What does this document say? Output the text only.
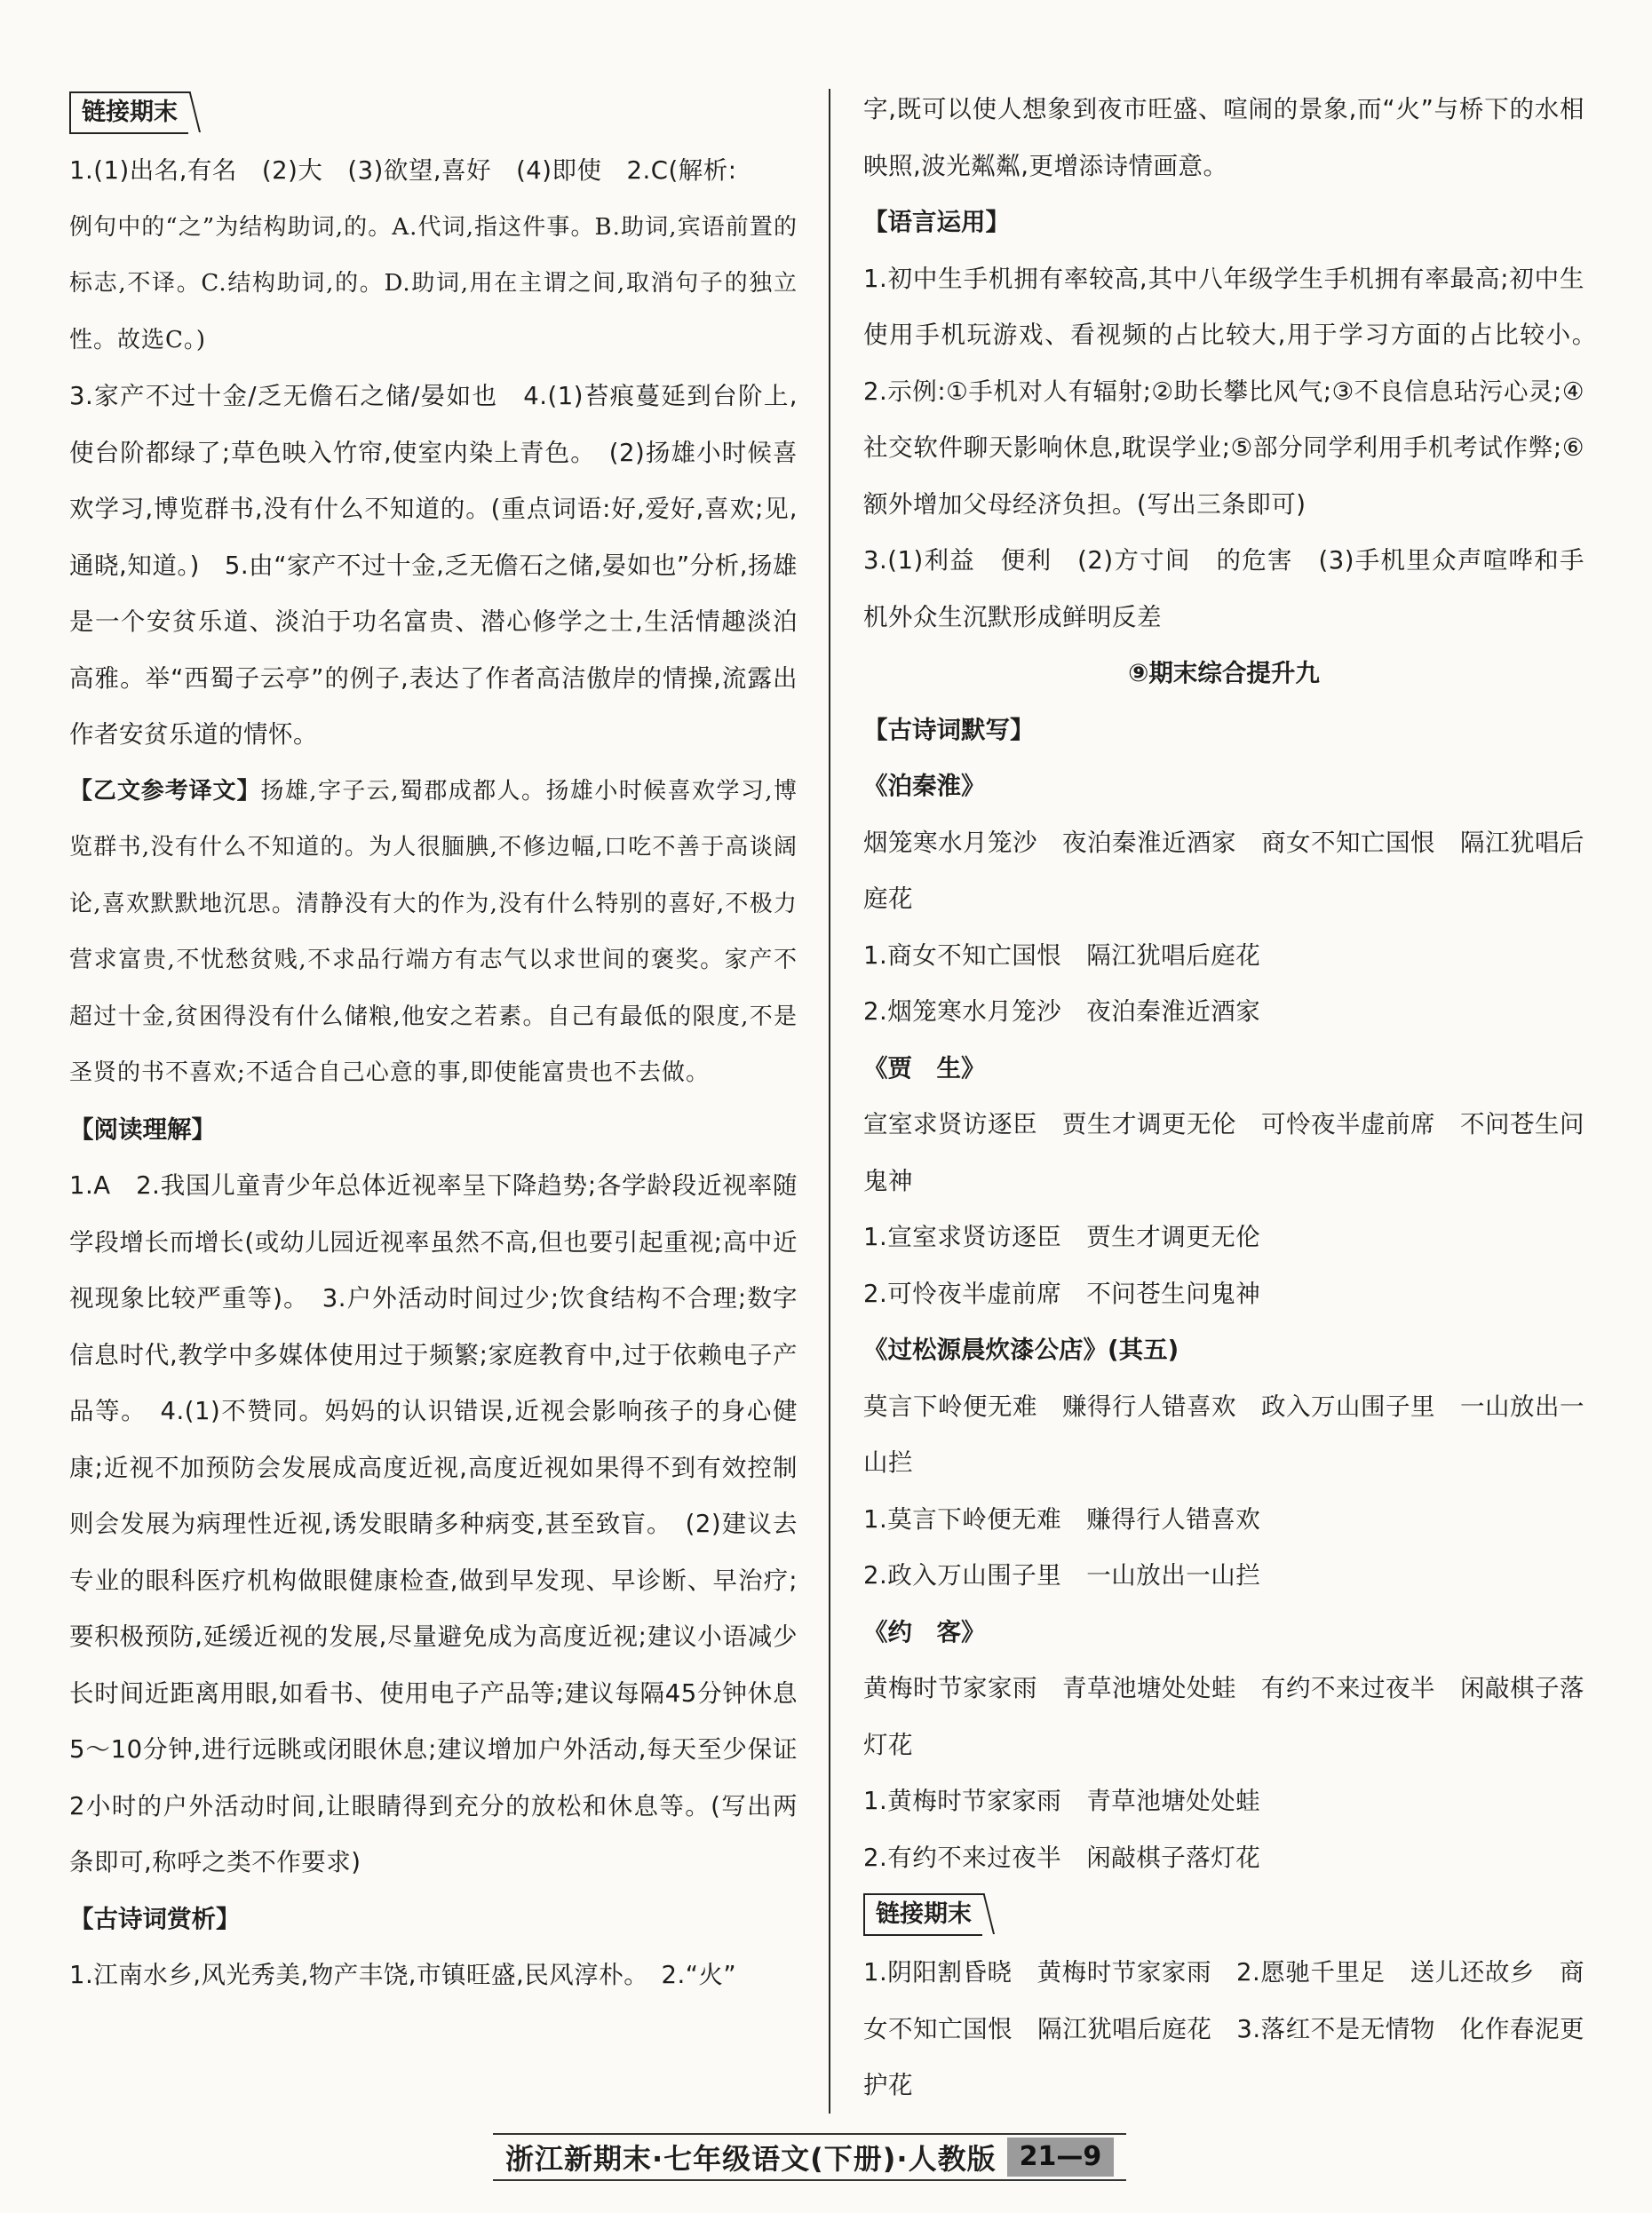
链接期末

1.(1)出名,有名　(2)大　(3)欲望,喜好　(4)即使　2.C(解析:

例句中的“之”为结构助词,的。A.代词,指这件事。B.助词,宾语前置的标志,不译。C.结构助词,的。D.助词,用在主谓之间,取消句子的独立性。故选C。)

3.家产不过十金/乏无儋石之储/晏如也　4.(1)苔痕蔓延到台阶上,使台阶都绿了;草色映入竹帘,使室内染上青色。　(2)扬雄小时候喜欢学习,博览群书,没有什么不知道的。(重点词语:好,爱好,喜欢;见,通晓,知道。)　5.由“家产不过十金,乏无儋石之储,晏如也”分析,扬雄是一个安贫乐道、淡泊于功名富贵、潜心修学之士,生活情趣淡泊高雅。举“西蜀子云亭”的例子,表达了作者高洁傲岸的情操,流露出作者安贫乐道的情怀。

【乙文参考译文】扬雄,字子云,蜀郡成都人。扬雄小时候喜欢学习,博览群书,没有什么不知道的。为人很腼腆,不修边幅,口吃不善于高谈阔论,喜欢默默地沉思。清静没有大的作为,没有什么特别的喜好,不极力营求富贵,不忧愁贫贱,不求品行端方有志气以求世间的褒奖。家产不超过十金,贫困得没有什么储粮,他安之若素。自己有最低的限度,不是圣贤的书不喜欢;不适合自己心意的事,即使能富贵也不去做。

【阅读理解】

1.A　2.我国儿童青少年总体近视率呈下降趋势;各学龄段近视率随学段增长而增长(或幼儿园近视率虽然不高,但也要引起重视;高中近视现象比较严重等)。　3.户外活动时间过少;饮食结构不合理;数字信息时代,教学中多媒体使用过于频繁;家庭教育中,过于依赖电子产品等。　4.(1)不赞同。妈妈的认识错误,近视会影响孩子的身心健康;近视不加预防会发展成高度近视,高度近视如果得不到有效控制则会发展为病理性近视,诱发眼睛多种病变,甚至致盲。　(2)建议去专业的眼科医疗机构做眼健康检查,做到早发现、早诊断、早治疗;要积极预防,延缓近视的发展,尽量避免成为高度近视;建议小语减少长时间近距离用眼,如看书、使用电子产品等;建议每隔45分钟休息5～10分钟,进行远眺或闭眼休息;建议增加户外活动,每天至少保证2小时的户外活动时间,让眼睛得到充分的放松和休息等。(写出两条即可,称呼之类不作要求)

【古诗词赏析】

1.江南水乡,风光秀美,物产丰饶,市镇旺盛,民风淳朴。　2.“火”

字,既可以使人想象到夜市旺盛、喧闹的景象,而“火”与桥下的水相映照,波光粼粼,更增添诗情画意。

【语言运用】

1.初中生手机拥有率较高,其中八年级学生手机拥有率最高;初中生使用手机玩游戏、看视频的占比较大,用于学习方面的占比较小。　2.示例:①手机对人有辐射;②助长攀比风气;③不良信息玷污心灵;④社交软件聊天影响休息,耽误学业;⑤部分同学利用手机考试作弊;⑥额外增加父母经济负担。(写出三条即可)

3.(1)利益　便利　(2)方寸间　的危害　(3)手机里众声喧哗和手机外众生沉默形成鲜明反差

⑨期末综合提升九

【古诗词默写】

《泊秦淮》

烟笼寒水月笼沙　夜泊秦淮近酒家　商女不知亡国恨　隔江犹唱后庭花

1.商女不知亡国恨　隔江犹唱后庭花

2.烟笼寒水月笼沙　夜泊秦淮近酒家

《贾　生》

宣室求贤访逐臣　贾生才调更无伦　可怜夜半虚前席　不问苍生问鬼神

1.宣室求贤访逐臣　贾生才调更无伦

2.可怜夜半虚前席　不问苍生问鬼神

《过松源晨炊漆公店》(其五)

莫言下岭便无难　赚得行人错喜欢　政入万山围子里　一山放出一山拦

1.莫言下岭便无难　赚得行人错喜欢

2.政入万山围子里　一山放出一山拦

《约　客》

黄梅时节家家雨　青草池塘处处蛙　有约不来过夜半　闲敲棋子落灯花

1.黄梅时节家家雨　青草池塘处处蛙

2.有约不来过夜半　闲敲棋子落灯花

链接期末

1.阴阳割昏晓　黄梅时节家家雨　2.愿驰千里足　送儿还故乡　商女不知亡国恨　隔江犹唱后庭花　3.落红不是无情物　化作春泥更护花

浙江新期末·七年级语文(下册)·人教版 21—9
